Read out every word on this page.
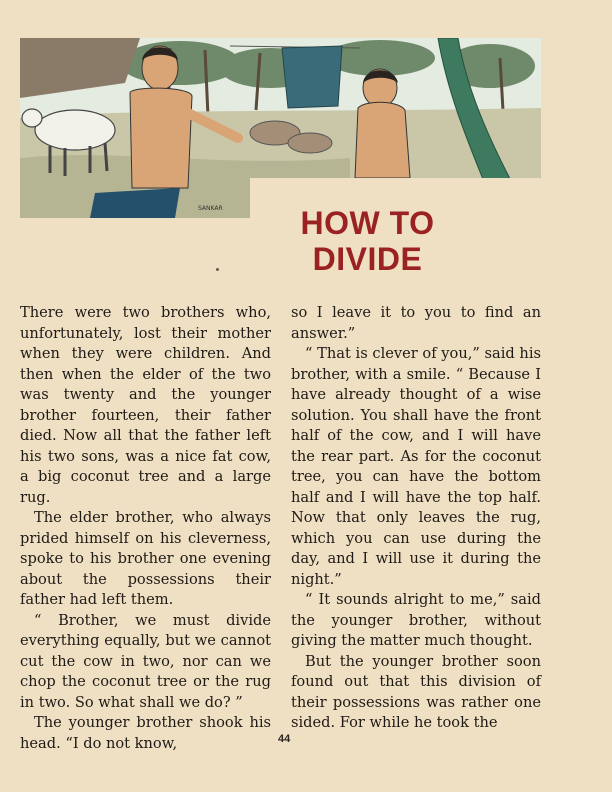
SANKAR	HOW TO
DIVIDE

There were two brothers who, unfortunately, lost their mother when they were children. And then when the elder of the two was twenty and the younger brother fourteen, their father died. Now all that the father left his two sons, was a nice fat cow, a big coconut tree and a large rug.

The elder brother, who always prided himself on his cleverness, spoke to his brother one evening about the possessions their father had left them.

“ Brother, we must divide everything equally, but we cannot cut the cow in two, nor can we chop the coconut tree or the rug in two. So what shall we do? ”

The younger brother shook his head. “I do not know,

so I leave it to you to find an answer.”

“ That is clever of you,” said his brother, with a smile. “ Because I have already thought of a wise solution. You shall have the front half of the cow, and I will have the rear part. As for the coconut tree, you can have the bottom half and I will have the top half. Now that only leaves the rug, which you can use during the day, and I will use it during the night.”

“ It sounds alright to me,” said the younger brother, without giving the matter much thought.

But the younger brother soon found out that this division of their possessions was rather one sided. For while he took the

44
